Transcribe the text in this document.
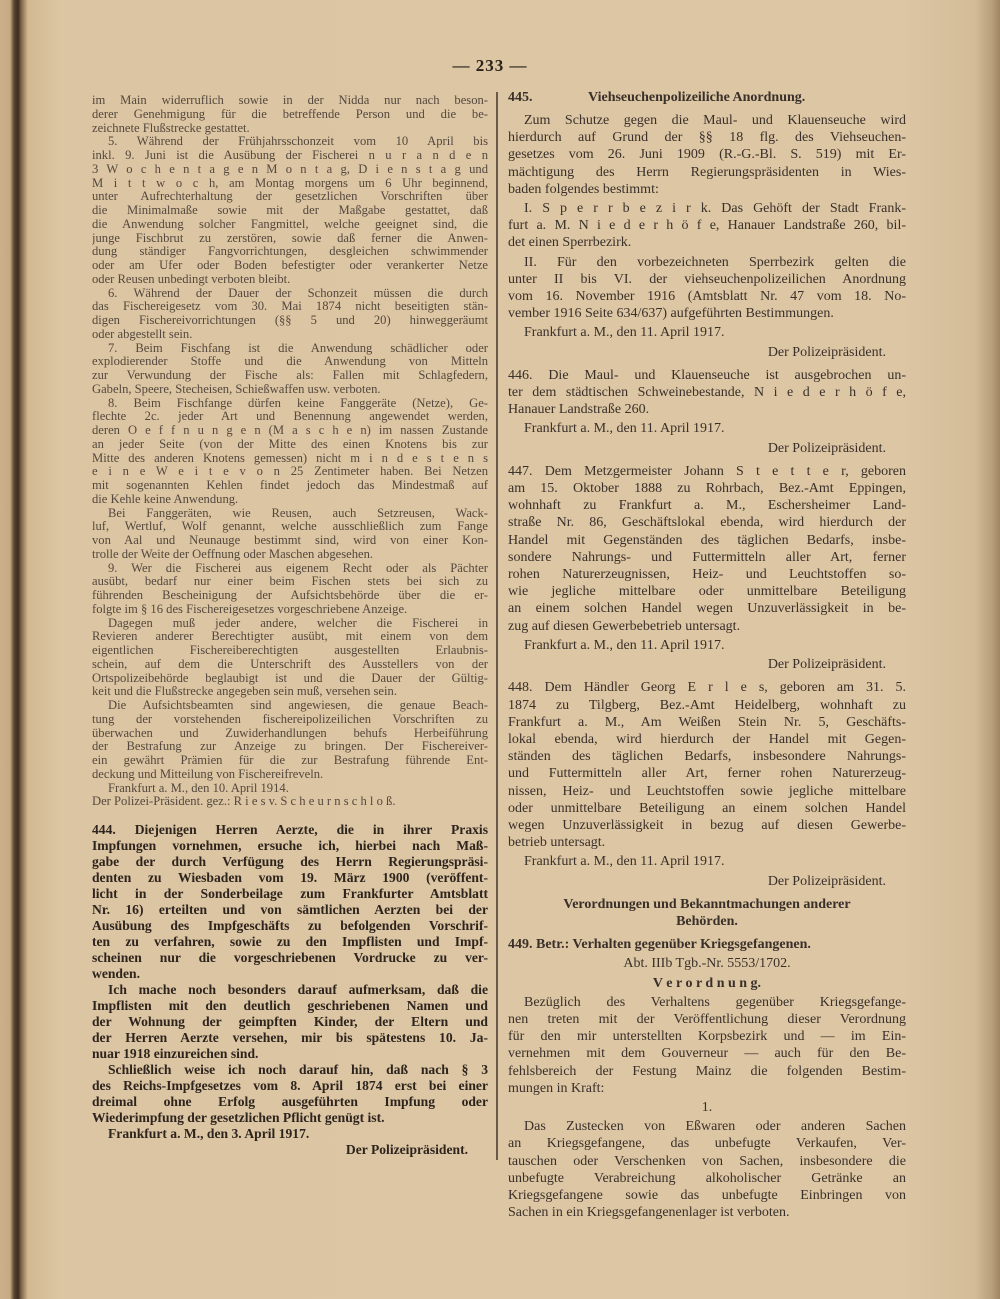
— 233 —
im Main widerruflich sowie in der Nidda nur nach beson-
derer Genehmigung für die betreffende Person und die be-
zeichnete Flußstrecke gestattet.
5. Während der Frühjahrsschonzeit vom 10 April bis
inkl. 9. Juni ist die Ausübung der Fischerei n u r a n d e n
3 W o c h e n t a g e n M o n t a g, D i e n s t a g und
M i t t w o c h, am Montag morgens um 6 Uhr beginnend,
unter Aufrechterhaltung der gesetzlichen Vorschriften über
die Minimalmaße sowie mit der Maßgabe gestattet, daß
die Anwendung solcher Fangmittel, welche geeignet sind, die
junge Fischbrut zu zerstören, sowie daß ferner die Anwen-
dung ständiger Fangvorrichtungen, desgleichen schwimmender
oder am Ufer oder Boden befestigter oder verankerter Netze
oder Reusen unbedingt verboten bleibt.
6. Während der Dauer der Schonzeit müssen die durch
das Fischereigesetz vom 30. Mai 1874 nicht beseitigten stän-
digen Fischereivorrichtungen (§§ 5 und 20) hinweggeräumt
oder abgestellt sein.
7. Beim Fischfang ist die Anwendung schädlicher oder
explodierender Stoffe und die Anwendung von Mitteln
zur Verwundung der Fische als: Fallen mit Schlagfedern,
Gabeln, Speere, Stecheisen, Schießwaffen usw. verboten.
8. Beim Fischfange dürfen keine Fanggeräte (Netze), Ge-
flechte 2c. jeder Art und Benennung angewendet werden,
deren O e f f n u n g e n (M a s c h e n) im nassen Zustande
an jeder Seite (von der Mitte des einen Knotens bis zur
Mitte des anderen Knotens gemessen) nicht m i n d e s t e n s
e i n e W e i t e v o n 25 Zentimeter haben. Bei Netzen
mit sogenannten Kehlen findet jedoch das Mindestmaß auf
die Kehle keine Anwendung.
Bei Fanggeräten, wie Reusen, auch Setzreusen, Wack-
luf, Wertluf, Wolf genannt, welche ausschließlich zum Fange
von Aal und Neunauge bestimmt sind, wird von einer Kon-
trolle der Weite der Oeffnung oder Maschen abgesehen.
9. Wer die Fischerei aus eigenem Recht oder als Pächter
ausübt, bedarf nur einer beim Fischen stets bei sich zu
führenden Bescheinigung der Aufsichtsbehörde über die er-
folgte im § 16 des Fischereigesetzes vorgeschriebene Anzeige.
Dagegen muß jeder andere, welcher die Fischerei in
Revieren anderer Berechtigter ausübt, mit einem von dem
eigentlichen Fischereiberechtigten ausgestellten Erlaubnis-
schein, auf dem die Unterschrift des Ausstellers von der
Ortspolizeibehörde beglaubigt ist und die Dauer der Gültig-
keit und die Flußstrecke angegeben sein muß, versehen sein.
Die Aufsichtsbeamten sind angewiesen, die genaue Beach-
tung der vorstehenden fischereipolizeilichen Vorschriften zu
überwachen und Zuwiderhandlungen behufs Herbeiführung
der Bestrafung zur Anzeige zu bringen. Der Fischereiver-
ein gewährt Prämien für die zur Bestrafung führende Ent-
deckung und Mitteilung von Fischereifreveln.
Frankfurt a. M., den 10. April 1914.
Der Polizei-Präsident. gez.: R i e s v. S c h e u r n s c h l o ß.
444. Diejenigen Herren Aerzte, die in ihrer Praxis
Impfungen vornehmen, ersuche ich, hierbei nach Maß-
gabe der durch Verfügung des Herrn Regierungspräsi-
denten zu Wiesbaden vom 19. März 1900 (veröffent-
licht in der Sonderbeilage zum Frankfurter Amtsblatt
Nr. 16) erteilten und von sämtlichen Aerzten bei der
Ausübung des Impfgeschäfts zu befolgenden Vorschrif-
ten zu verfahren, sowie zu den Impflisten und Impf-
scheinen nur die vorgeschriebenen Vordrucke zu ver-
wenden.
Ich mache noch besonders darauf aufmerksam, daß die
Impflisten mit den deutlich geschriebenen Namen und
der Wohnung der geimpften Kinder, der Eltern und
der Herren Aerzte versehen, mir bis spätestens 10. Ja-
nuar 1918 einzureichen sind.
Schließlich weise ich noch darauf hin, daß nach § 3
des Reichs-Impfgesetzes vom 8. April 1874 erst bei einer
dreimal ohne Erfolg ausgeführten Impfung oder
Wiederimpfung der gesetzlichen Pflicht genügt ist.
Frankfurt a. M., den 3. April 1917.
Der Polizeipräsident.
445.	Viehseuchenpolizeiliche Anordnung.
Zum Schutze gegen die Maul- und Klauenseuche wird
hierdurch auf Grund der §§ 18 flg. des Viehseuchen-
gesetzes vom 26. Juni 1909 (R.-G.-Bl. S. 519) mit Er-
mächtigung des Herrn Regierungspräsidenten in Wies-
baden folgendes bestimmt:
I. S p e r r b e z i r k. Das Gehöft der Stadt Frank-
furt a. M. N i e d e r h ö f e, Hanauer Landstraße 260, bil-
det einen Sperrbezirk.
II. Für den vorbezeichneten Sperrbezirk gelten die
unter II bis VI. der viehseuchenpolizeilichen Anordnung
vom 16. November 1916 (Amtsblatt Nr. 47 vom 18. No-
vember 1916 Seite 634/637) aufgeführten Bestimmungen.
Frankfurt a. M., den 11. April 1917.
Der Polizeipräsident.
446. Die Maul- und Klauenseuche ist ausgebrochen un-
ter dem städtischen Schweinebestande, N i e d e r h ö f e,
Hanauer Landstraße 260.
Frankfurt a. M., den 11. April 1917.
Der Polizeipräsident.
447. Dem Metzgermeister Johann S t e t t e r, geboren
am 15. Oktober 1888 zu Rohrbach, Bez.-Amt Eppingen,
wohnhaft zu Frankfurt a. M., Eschersheimer Land-
straße Nr. 86, Geschäftslokal ebenda, wird hierdurch der
Handel mit Gegenständen des täglichen Bedarfs, insbe-
sondere Nahrungs- und Futtermitteln aller Art, ferner
rohen Naturerzeugnissen, Heiz- und Leuchtstoffen so-
wie jegliche mittelbare oder unmittelbare Beteiligung
an einem solchen Handel wegen Unzuverlässigkeit in be-
zug auf diesen Gewerbebetrieb untersagt.
Frankfurt a. M., den 11. April 1917.
Der Polizeipräsident.
448. Dem Händler Georg E r l e s, geboren am 31. 5.
1874 zu Tilgberg, Bez.-Amt Heidelberg, wohnhaft zu
Frankfurt a. M., Am Weißen Stein Nr. 5, Geschäfts-
lokal ebenda, wird hierdurch der Handel mit Gegen-
ständen des täglichen Bedarfs, insbesondere Nahrungs-
und Futtermitteln aller Art, ferner rohen Naturerzeug-
nissen, Heiz- und Leuchtstoffen sowie jegliche mittelbare
oder unmittelbare Beteiligung an einem solchen Handel
wegen Unzuverlässigkeit in bezug auf diesen Gewerbe-
betrieb untersagt.
Frankfurt a. M., den 11. April 1917.
Der Polizeipräsident.
Verordnungen und Bekanntmachungen anderer
Behörden.
449. Betr.: Verhalten gegenüber Kriegsgefangenen.
Abt. IIIb Tgb.-Nr. 5553/1702.
V e r o r d n u n g.
Bezüglich des Verhaltens gegenüber Kriegsgefange-
nen treten mit der Veröffentlichung dieser Verordnung
für den mir unterstellten Korpsbezirk und — im Ein-
vernehmen mit dem Gouverneur — auch für den Be-
fehlsbereich der Festung Mainz die folgenden Bestim-
mungen in Kraft:
1.
Das Zustecken von Eßwaren oder anderen Sachen
an Kriegsgefangene, das unbefugte Verkaufen, Ver-
tauschen oder Verschenken von Sachen, insbesondere die
unbefugte Verabreichung alkoholischer Getränke an
Kriegsgefangene sowie das unbefugte Einbringen von
Sachen in ein Kriegsgefangenenlager ist verboten.
